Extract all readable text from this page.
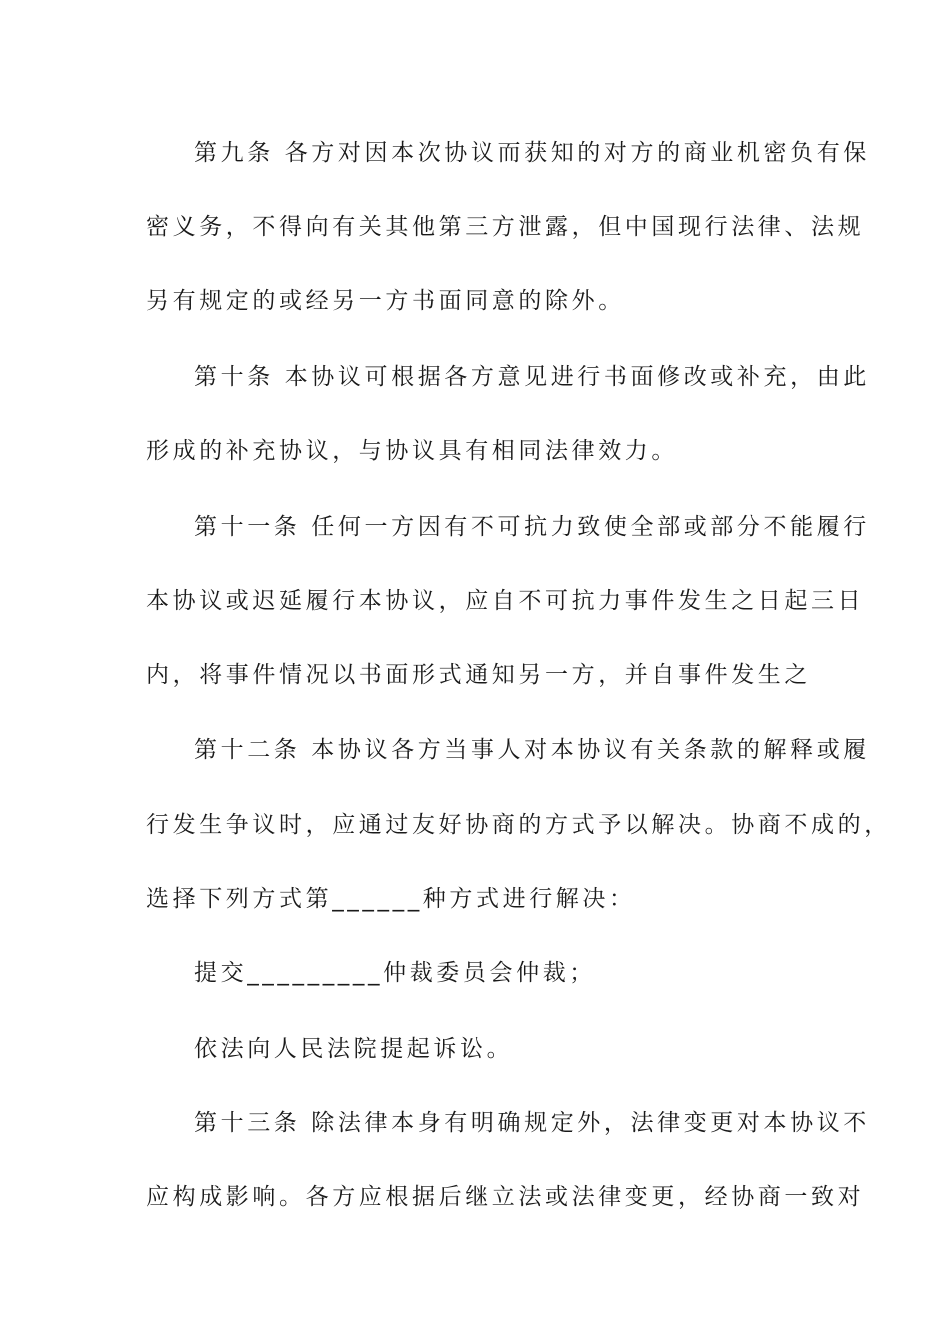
第九条 各方对因本次协议而获知的对方的商业机密负有保
密义务，不得向有关其他第三方泄露，但中国现行法律、法规
另有规定的或经另一方书面同意的除外。
第十条 本协议可根据各方意见进行书面修改或补充，由此
形成的补充协议，与协议具有相同法律效力。
第十一条 任何一方因有不可抗力致使全部或部分不能履行
本协议或迟延履行本协议，应自不可抗力事件发生之日起三日
内，将事件情况以书面形式通知另一方，并自事件发生之
第十二条 本协议各方当事人对本协议有关条款的解释或履
行发生争议时，应通过友好协商的方式予以解决。协商不成的，
选择下列方式第______种方式进行解决：
提交_________仲裁委员会仲裁；
依法向人民法院提起诉讼。
第十三条 除法律本身有明确规定外，法律变更对本协议不
应构成影响。各方应根据后继立法或法律变更，经协商一致对
